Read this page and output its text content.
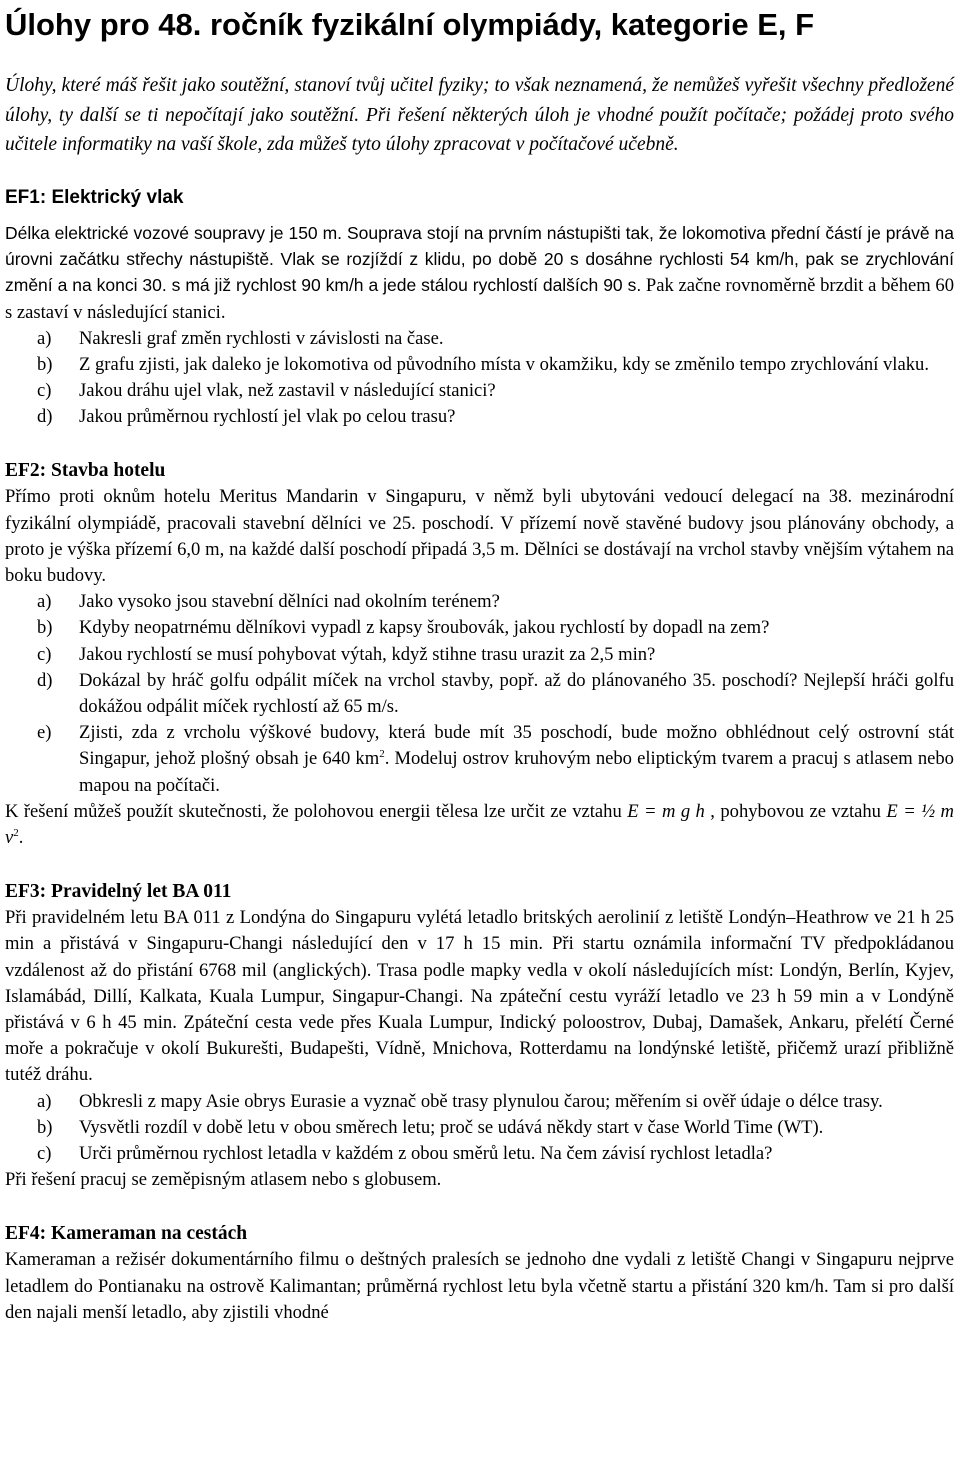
Úlohy pro 48. ročník fyzikální olympiády, kategorie E, F

Úlohy, které máš řešit jako soutěžní, stanoví tvůj učitel fyziky; to však neznamená, že nemůžeš vyřešit všechny předložené úlohy, ty další se ti nepočítají jako soutěžní. Při řešení některých úloh je vhodné použít počítače; požádej proto svého učitele informatiky na vaší škole, zda můžeš tyto úlohy zpracovat v počítačové učebně.

EF1: Elektrický vlak

Délka elektrické vozové soupravy je 150 m. Souprava stojí na prvním nástupišti tak, že lokomotiva přední částí je právě na úrovni začátku střechy nástupiště. Vlak se rozjíždí z klidu, po době 20 s dosáhne rychlosti 54 km/h, pak se zrychlování změní a na konci 30. s má již rychlost 90 km/h a jede stálou rychlostí dalších 90 s. Pak začne rovnoměrně brzdit a během 60 s zastaví v následující stanici.

a) Nakresli graf změn rychlosti v závislosti na čase.
b) Z grafu zjisti, jak daleko je lokomotiva od původního místa v okamžiku, kdy se změnilo tempo zrychlování vlaku.
c) Jakou dráhu ujel vlak, než zastavil v následující stanici?
d) Jakou průměrnou rychlostí jel vlak po celou trasu?
EF2: Stavba hotelu

Přímo proti oknům hotelu Meritus Mandarin v Singapuru, v němž byli ubytováni vedoucí delegací na 38. mezinárodní fyzikální olympiádě, pracovali stavební dělníci ve 25. poschodí. V přízemí nově stavěné budovy jsou plánovány obchody, a proto je výška přízemí 6,0 m, na každé další poschodí připadá 3,5 m. Dělníci se dostávají na vrchol stavby vnějším výtahem na boku budovy.

a) Jako vysoko jsou stavební dělníci nad okolním terénem?
b) Kdyby neopatrnému dělníkovi vypadl z kapsy šroubovák, jakou rychlostí by dopadl na zem?
c) Jakou rychlostí se musí pohybovat výtah, když stihne trasu urazit za 2,5 min?
d) Dokázal by hráč golfu odpálit míček na vrchol stavby, popř. až do plánovaného 35. poschodí? Nejlepší hráči golfu dokážou odpálit míček rychlostí až 65 m/s.
e) Zjisti, zda z vrcholu výškové budovy, která bude mít 35 poschodí, bude možno obhlédnout celý ostrovní stát Singapur, jehož plošný obsah je 640 $km^2$. Modeluj ostrov kruhovým nebo eliptickým tvarem a pracuj s atlasem nebo mapou na počítači.

K řešení můžeš použít skutečnosti, že polohovou energii tělesa lze určit ze vztahu E = m g h , pohybovou ze vztahu E = ½ m $v^2$.

EF3: Pravidelný let BA 011

Při pravidelném letu BA 011 z Londýna do Singapuru vylétá letadlo britských aerolinií z letiště Londýn–Heathrow ve 21 h 25 min a přistává v Singapuru-Changi následující den v 17 h 15 min. Při startu oznámila informační TV předpokládanou vzdálenost až do přistání 6768 mil (anglických). Trasa podle mapky vedla v okolí následujících míst: Londýn, Berlín, Kyjev, Islamábád, Dillí, Kalkata, Kuala Lumpur, Singapur-Changi. Na zpáteční cestu vyráží letadlo ve 23 h 59 min a v Londýně přistává v 6 h 45 min. Zpáteční cesta vede přes Kuala Lumpur, Indický poloostrov, Dubaj, Damašek, Ankaru, přelétí Černé moře a pokračuje v okolí Bukurešti, Budapešti, Vídně, Mnichova, Rotterdamu na londýnské letiště, přičemž urazí přibližně tutéž dráhu.

a) Obkresli z mapy Asie obrys Eurasie a vyznač obě trasy plynulou čarou; měřením si ověř údaje o délce trasy.
b) Vysvětli rozdíl v době letu v obou směrech letu; proč se udává někdy start v čase World Time (WT).
c) Urči průměrnou rychlost letadla v každém z obou směrů letu. Na čem závisí rychlost letadla?

Při řešení pracuj se zeměpisným atlasem nebo s globusem.

EF4: Kameraman na cestách

Kameraman a režisér dokumentárního filmu o deštných pralesích se jednoho dne vydali z letiště Changi v Singapuru nejprve letadlem do Pontianaku na ostrově Kalimantan; průměrná rychlost letu byla včetně startu a přistání 320 km/h. Tam si pro další den najali menší letadlo, aby zjistili vhodné
